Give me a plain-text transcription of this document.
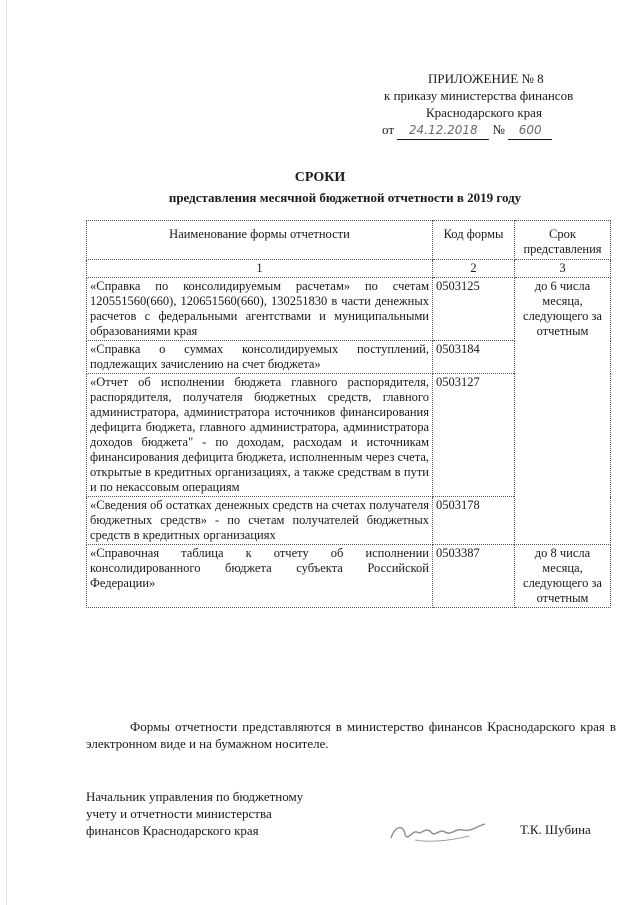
ПРИЛОЖЕНИЕ № 8
к приказу министерства финансов
Краснодарского края
от 24.12.2018 № 600
СРОКИ
представления месячной бюджетной отчетности в 2019 году
Наименование формы отчетности	Код формы	Срок представления
1	2	3
«Справка по консолидируемым расчетам» по счетам 120551560(660), 120651560(660), 130251830 в части денежных расчетов с федеральными агентствами и муниципальными образованиями края	0503125	до 6 числа месяца, следующего за отчетным
«Справка о суммах консолидируемых поступлений, подлежащих зачислению на счет бюджета»	0503184	
«Отчет об исполнении бюджета главного распорядителя, распорядителя, получателя бюджетных средств, главного администратора, администратора источников финансирования дефицита бюджета, главного администратора, администратора доходов бюджета" - по доходам, расходам и источникам финансирования дефицита бюджета, исполненным через счета, открытые в кредитных организациях, а также средствам в пути и по некассовым операциям	0503127	
«Сведения об остатках денежных средств на счетах получателя бюджетных средств» - по счетам получателей бюджетных средств в кредитных организациях	0503178	
«Справочная таблица к отчету об исполнении консолидированного бюджета субъекта Российской Федерации»	0503387	до 8 числа месяца, следующего за отчетным
Формы отчетности представляются в министерство финансов Краснодарского края в электронном виде и на бумажном носителе.
Начальник управления по бюджетному
учету и отчетности министерства
финансов Краснодарского края	Т.К. Шубина
